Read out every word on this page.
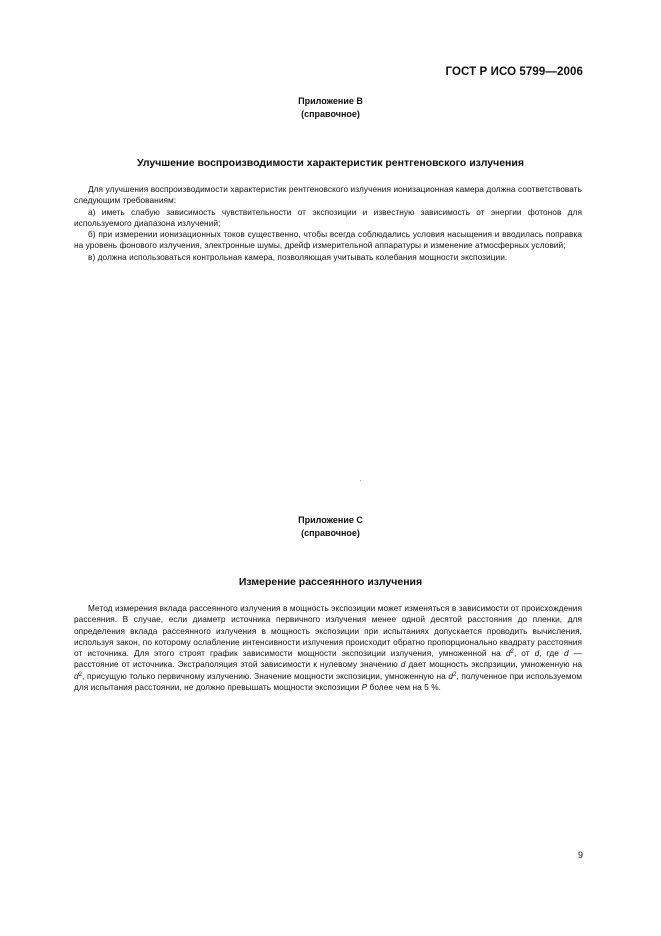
ГОСТ Р ИСО 5799—2006
Приложение В
(справочное)
Улучшение воспроизводимости характеристик рентгеновского излучения

Для улучшения воспроизводимости характеристик рентгеновского излучения ионизационная камера должна соответствовать следующим требованиям:

а) иметь слабую зависимость чувствительности от экспозиции и известную зависимость от энергии фотонов для используемого диапазона излучений;

б) при измерении ионизационных токов существенно, чтобы всегда соблюдались условия насыщения и вводилась поправка на уровень фонового излучения, электронные шумы, дрейф измерительной аппаратуры и изменение атмосферных условий;

в) должна использоваться контрольная камера, позволяющая учитывать колебания мощности экспозиции.

Приложение С
(справочное)
Измерение рассеянного излучения

Метод измерения вклада рассеянного излучения в мощность экспозиции может изменяться в зависимости от происхождения рассеяния. В случае, если диаметр источника первичного излучения менее одной десятой расстояния до пленки, для определения вклада рассеянного излучения в мощность экспозиции при испытаниях допускается проводить вычисления, используя закон, по которому ослабление интенсивности излучения происходит обратно пропорционально квадрату расстояния от источника. Для этого строят график зависимости мощности экспозиции излучения, умноженной на $d^2$, от d, где d — расстояние от источника. Экстраполяция этой зависимости к нулевому значению d дает мощность экспрзиции, умноженную на $d^2$, присущую только первичному излучению. Значение мощности экспозиции, умноженную на $d^2$, полученное при используемом для испытания расстоянии, не должно превышать мощности экспозиции P более чем на 5 %.

9
